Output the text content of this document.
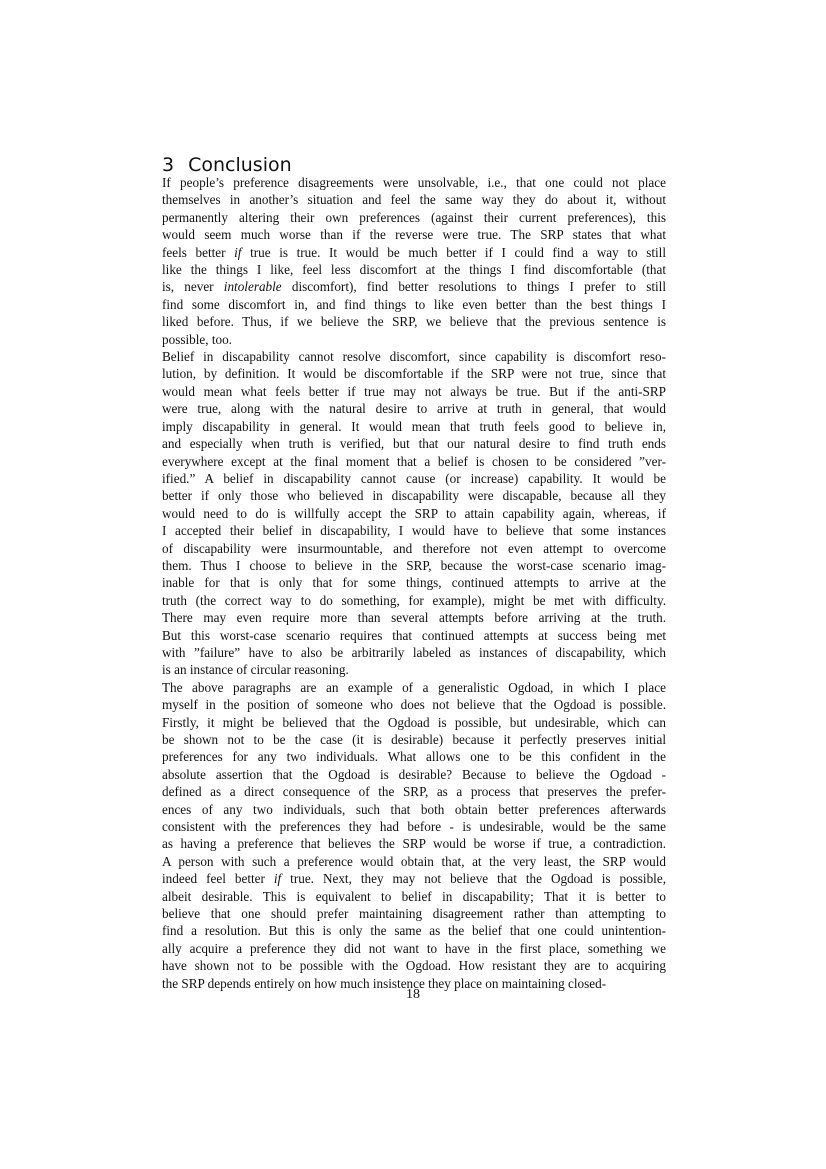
3 Conclusion
If people’s preference disagreements were unsolvable, i.e., that one could not place
themselves in another’s situation and feel the same way they do about it, without
permanently altering their own preferences (against their current preferences), this
would seem much worse than if the reverse were true. The SRP states that what
feels better if true is true. It would be much better if I could find a way to still
like the things I like, feel less discomfort at the things I find discomfortable (that
is, never intolerable discomfort), find better resolutions to things I prefer to still
find some discomfort in, and find things to like even better than the best things I
liked before. Thus, if we believe the SRP, we believe that the previous sentence is
possible, too.
Belief in discapability cannot resolve discomfort, since capability is discomfort reso-
lution, by definition. It would be discomfortable if the SRP were not true, since that
would mean what feels better if true may not always be true. But if the anti-SRP
were true, along with the natural desire to arrive at truth in general, that would
imply discapability in general. It would mean that truth feels good to believe in,
and especially when truth is verified, but that our natural desire to find truth ends
everywhere except at the final moment that a belief is chosen to be considered ”ver-
ified.” A belief in discapability cannot cause (or increase) capability. It would be
better if only those who believed in discapability were discapable, because all they
would need to do is willfully accept the SRP to attain capability again, whereas, if
I accepted their belief in discapability, I would have to believe that some instances
of discapability were insurmountable, and therefore not even attempt to overcome
them. Thus I choose to believe in the SRP, because the worst-case scenario imag-
inable for that is only that for some things, continued attempts to arrive at the
truth (the correct way to do something, for example), might be met with difficulty.
There may even require more than several attempts before arriving at the truth.
But this worst-case scenario requires that continued attempts at success being met
with ”failure” have to also be arbitrarily labeled as instances of discapability, which
is an instance of circular reasoning.
The above paragraphs are an example of a generalistic Ogdoad, in which I place
myself in the position of someone who does not believe that the Ogdoad is possible.
Firstly, it might be believed that the Ogdoad is possible, but undesirable, which can
be shown not to be the case (it is desirable) because it perfectly preserves initial
preferences for any two individuals. What allows one to be this confident in the
absolute assertion that the Ogdoad is desirable? Because to believe the Ogdoad -
defined as a direct consequence of the SRP, as a process that preserves the prefer-
ences of any two individuals, such that both obtain better preferences afterwards
consistent with the preferences they had before - is undesirable, would be the same
as having a preference that believes the SRP would be worse if true, a contradiction.
A person with such a preference would obtain that, at the very least, the SRP would
indeed feel better if true. Next, they may not believe that the Ogdoad is possible,
albeit desirable. This is equivalent to belief in discapability; That it is better to
believe that one should prefer maintaining disagreement rather than attempting to
find a resolution. But this is only the same as the belief that one could unintention-
ally acquire a preference they did not want to have in the first place, something we
have shown not to be possible with the Ogdoad. How resistant they are to acquiring
the SRP depends entirely on how much insistence they place on maintaining closed-
18
